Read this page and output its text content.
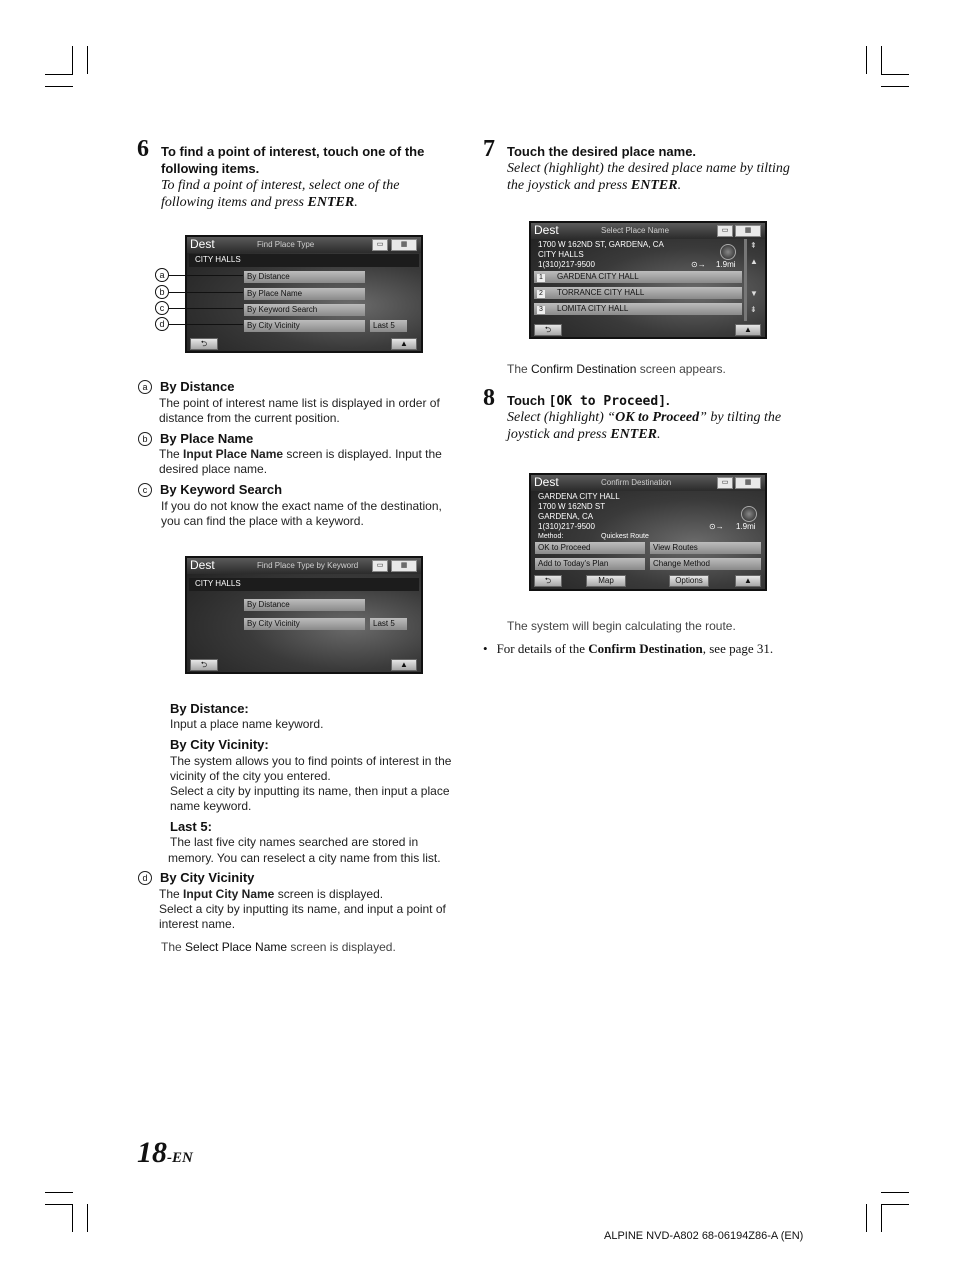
6 To find a point of interest, touch one of the
following items.
To find a point of interest, select one of the
following items and press ENTER.
Dest	Find Place Type	▭	▦
CITY HALLS
By Distance
By Place Name
By Keyword Search
By City Vicinity	Last 5
⮌	▲
a
b
c
d
a By Distance
The point of interest name list is displayed in order of
distance from the current position.
b By Place Name
The Input Place Name screen is displayed. Input the
desired place name.
c By Keyword Search
If you do not know the exact name of the destination,
you can find the place with a keyword.
Dest	Find Place Type by Keyword	▭	▦
CITY HALLS
By Distance
By City Vicinity	Last 5
⮌	▲
By Distance:
Input a place name keyword.
By City Vicinity:
The system allows you to find points of interest in the
vicinity of the city you entered.
Select a city by inputting its name, then input a place
name keyword.
Last 5:
The last five city names searched are stored in
memory. You can reselect a city name from this list.
d By City Vicinity
The Input City Name screen is displayed.
Select a city by inputting its name, and input a point of
interest name.
The Select Place Name screen is displayed.
7 Touch the desired place name.
Select (highlight) the desired place name by tilting
the joystick and press ENTER.
Dest	Select Place Name	▭	▦
1700 W 162ND ST, GARDENA, CA
CITY HALLS
1(310)217-9500	⊙→ 1.9mi
1 GARDENA CITY HALL
2 TORRANCE CITY HALL
3 LOMITA CITY HALL
⇞
▲
▼
⇟
⮌	▲
The Confirm Destination screen appears.
8 Touch [OK to Proceed].
Select (highlight) “OK to Proceed” by tilting the
joystick and press ENTER.
Dest	Confirm Destination	▭	▦
GARDENA CITY HALL
1700 W 162ND ST
GARDENA, CA
1(310)217-9500	⊙→ 1.9mi
Method:	Quickest Route
OK to Proceed	View Routes
Add to Today's Plan	Change Method
⮌	Map	Options	▲
The system will begin calculating the route.
• For details of the Confirm Destination, see page 31.
18-EN
ALPINE NVD-A802 68-06194Z86-A (EN)
